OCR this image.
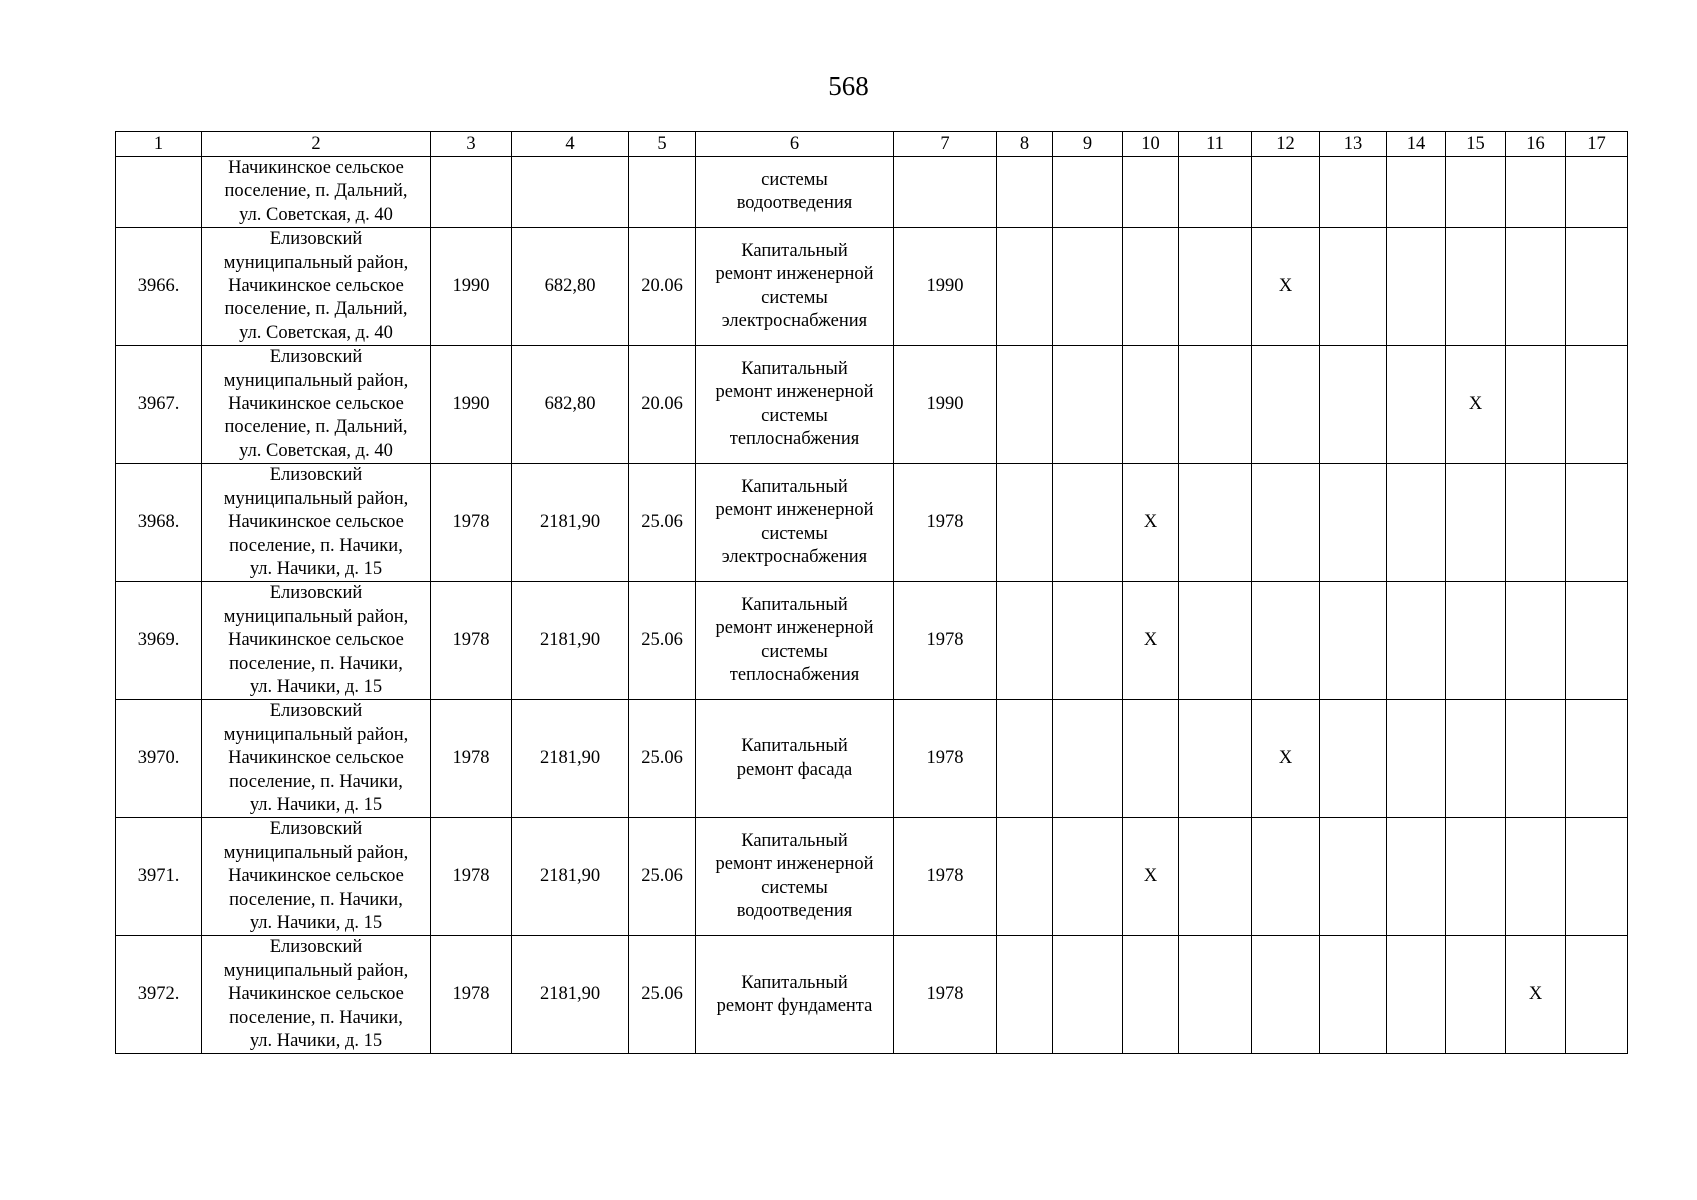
568
1	2	3	4	5	6	7	8	9	10	11	12	13	14	15	16	17

	Начикинское сельское
поселение, п. Дальний,
ул. Советская, д. 40				системы
водоотведения											

3966.	Елизовский
муниципальный район,
Начикинское сельское
поселение, п. Дальний,
ул. Советская, д. 40	1990	682,80	20.06	Капитальный
ремонт инженерной
системы
электроснабжения	1990					X					
3967.	Елизовский
муниципальный район,
Начикинское сельское
поселение, п. Дальний,
ул. Советская, д. 40	1990	682,80	20.06	Капитальный
ремонт инженерной
системы
теплоснабжения	1990								X		
3968.	Елизовский
муниципальный район,
Начикинское сельское
поселение, п. Начики,
ул. Начики, д. 15	1978	2181,90	25.06	Капитальный
ремонт инженерной
системы
электроснабжения	1978			X							
3969.	Елизовский
муниципальный район,
Начикинское сельское
поселение, п. Начики,
ул. Начики, д. 15	1978	2181,90	25.06	Капитальный
ремонт инженерной
системы
теплоснабжения	1978			X							
3970.	Елизовский
муниципальный район,
Начикинское сельское
поселение, п. Начики,
ул. Начики, д. 15	1978	2181,90	25.06	Капитальный
ремонт фасада	1978					X					
3971.	Елизовский
муниципальный район,
Начикинское сельское
поселение, п. Начики,
ул. Начики, д. 15	1978	2181,90	25.06	Капитальный
ремонт инженерной
системы
водоотведения	1978			X							
3972.	Елизовский
муниципальный район,
Начикинское сельское
поселение, п. Начики,
ул. Начики, д. 15	1978	2181,90	25.06	Капитальный
ремонт фундамента	1978									X	
